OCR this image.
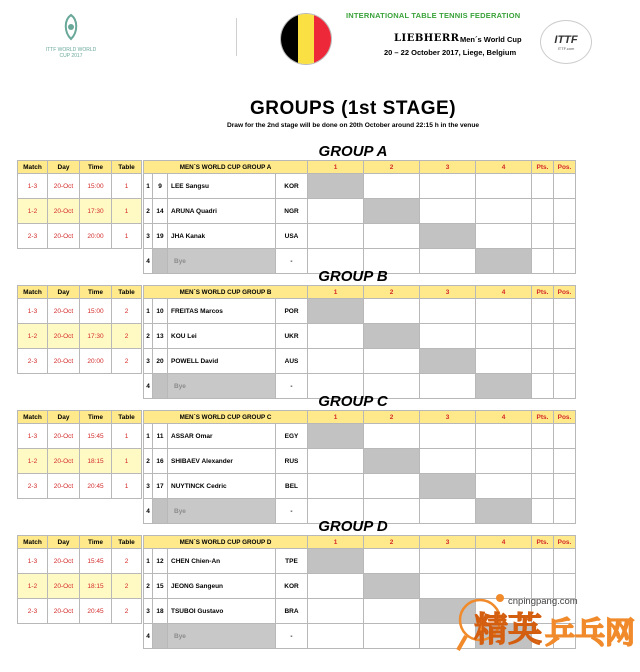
ITTF WORLD WORLD CUP 2017
INTERNATIONAL TABLE TENNIS FEDERATION
LIEBHERR Men´s World Cup
20 – 22 October 2017, Liege, Belgium
ITTF
ITTF.com
GROUPS (1st STAGE)
Draw for the 2nd stage will be done on 20th October around 22:15 h in the venue
GROUP A
Match	Day	Time	Table		MEN´S WORLD CUP GROUP A				1	2	3	4	Pts.	Pos.
1-3	20-Oct	15:00	1		1	9	LEE Sangsu	KOR						

1-2	20-Oct	17:30	1		2	14	ARUNA Quadri	NGR						

2-3	20-Oct	20:00	1		3	19	JHA Kanak	USA						

					4		Bye	-						

GROUP B
Match	Day	Time	Table		MEN´S WORLD CUP GROUP B				1	2	3	4	Pts.	Pos.
1-3	20-Oct	15:00	2		1	10	FREITAS Marcos	POR						

1-2	20-Oct	17:30	2		2	13	KOU Lei	UKR						

2-3	20-Oct	20:00	2		3	20	POWELL David	AUS						

					4		Bye	-						

GROUP C
Match	Day	Time	Table		MEN´S WORLD CUP GROUP C				1	2	3	4	Pts.	Pos.
1-3	20-Oct	15:45	1		1	11	ASSAR Omar	EGY						

1-2	20-Oct	18:15	1		2	16	SHIBAEV Alexander	RUS						

2-3	20-Oct	20:45	1		3	17	NUYTINCK Cedric	BEL						

					4		Bye	-						

GROUP D
Match	Day	Time	Table		MEN´S WORLD CUP GROUP D				1	2	3	4	Pts.	Pos.
1-3	20-Oct	15:45	2		1	12	CHEN Chien-An	TPE						

1-2	20-Oct	18:15	2		2	15	JEONG Sangeun	KOR						

2-3	20-Oct	20:45	2		3	18	TSUBOI Gustavo	BRA						

					4		Bye	-						

cnpingpang.com
精英 乒乓网
